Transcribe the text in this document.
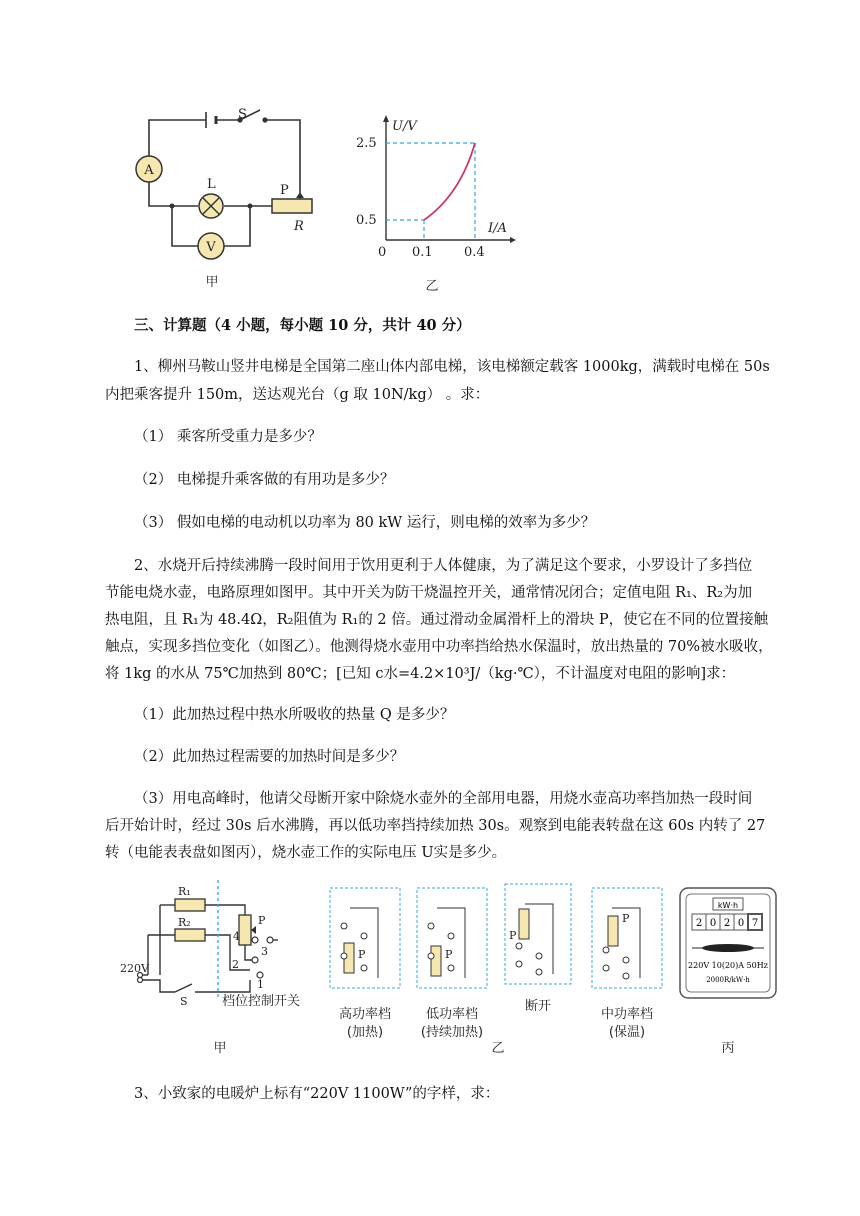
A
V
S
L	P
R
甲
U/V
I/A
2.5
0.5
0 0.1 0.4
乙
三、计算题（4 小题，每小题 10 分，共计 40 分）
1、柳州马鞍山竖井电梯是全国第二座山体内部电梯，该电梯额定载客 1000kg，满载时电梯在 50s
内把乘客提升 150m，送达观光台（g 取 10N/kg） 。求：
（1） 乘客所受重力是多少？
（2） 电梯提升乘客做的有用功是多少？
（3） 假如电梯的电动机以功率为 80 kW 运行，则电梯的效率为多少？
2、水烧开后持续沸腾一段时间用于饮用更利于人体健康，为了满足这个要求，小罗设计了多挡位
节能电烧水壶，电路原理如图甲。其中开关为防干烧温控开关，通常情况闭合；定值电阻 R₁、R₂为加
热电阻，且 R₁为 48.4Ω，R₂阻值为 R₁的 2 倍。通过滑动金属滑杆上的滑块 P，使它在不同的位置接触
触点，实现多挡位变化（如图乙）。他测得烧水壶用中功率挡给热水保温时，放出热量的 70%被水吸收，
将 1kg 的水从 75℃加热到 80℃；[已知 c水=4.2×10³J/（kg·℃），不计温度对电阻的影响]求：
（1）此加热过程中热水所吸收的热量 Q 是多少？
（2）此加热过程需要的加热时间是多少？
（3）用电高峰时，他请父母断开家中除烧水壶外的全部用电器，用烧水壶高功率挡加热一段时间
后开始计时，经过 30s 后水沸腾，再以低功率挡持续加热 30s。观察到电能表转盘在这 60s 内转了 27
转（电能表表盘如图丙），烧水壶工作的实际电压 U实是多少。
R₁
R₂
220V
S
P
4
3
2
1
档位控制开关
甲
P
高功率档
(加热)
P
低功率档
(持续加热)
P
断开
P
中功率档
(保温)
乙
kW·h
2 0 2 0 7
220V 10(20)A 50Hz
2000R/kW·h
丙
3、小致家的电暖炉上标有“220V 1100W”的字样，求：
